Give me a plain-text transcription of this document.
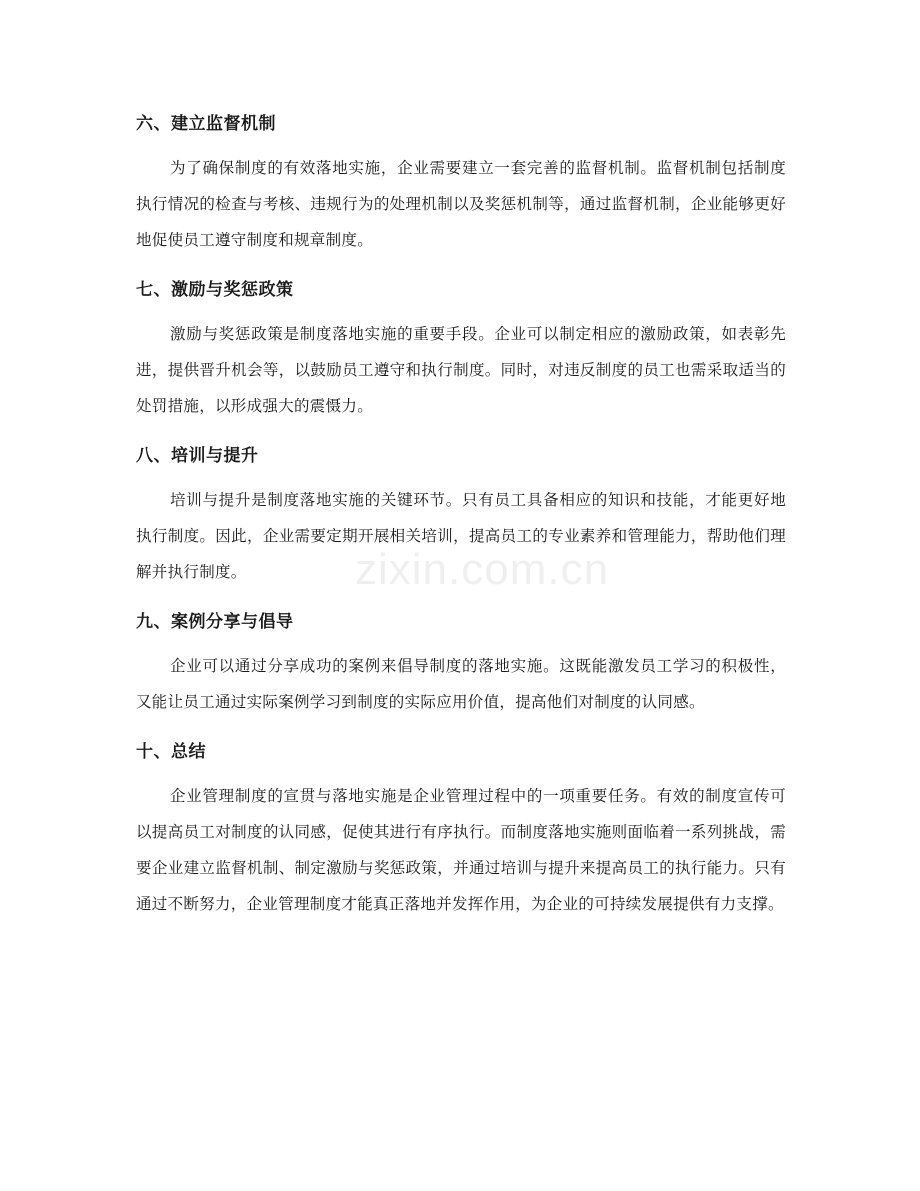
六、建立监督机制

为了确保制度的有效落地实施，企业需要建立一套完善的监督机制。监督机制包括制度执行情况的检查与考核、违规行为的处理机制以及奖惩机制等，通过监督机制，企业能够更好地促使员工遵守制度和规章制度。

七、激励与奖惩政策

激励与奖惩政策是制度落地实施的重要手段。企业可以制定相应的激励政策，如表彰先进，提供晋升机会等，以鼓励员工遵守和执行制度。同时，对违反制度的员工也需采取适当的处罚措施，以形成强大的震慑力。

八、培训与提升

培训与提升是制度落地实施的关键环节。只有员工具备相应的知识和技能，才能更好地执行制度。因此，企业需要定期开展相关培训，提高员工的专业素养和管理能力，帮助他们理解并执行制度。

九、案例分享与倡导

企业可以通过分享成功的案例来倡导制度的落地实施。这既能激发员工学习的积极性，又能让员工通过实际案例学习到制度的实际应用价值，提高他们对制度的认同感。

十、总结

企业管理制度的宣贯与落地实施是企业管理过程中的一项重要任务。有效的制度宣传可以提高员工对制度的认同感，促使其进行有序执行。而制度落地实施则面临着一系列挑战，需要企业建立监督机制、制定激励与奖惩政策，并通过培训与提升来提高员工的执行能力。只有通过不断努力，企业管理制度才能真正落地并发挥作用，为企业的可持续发展提供有力支撑。

zixin.com.cn
